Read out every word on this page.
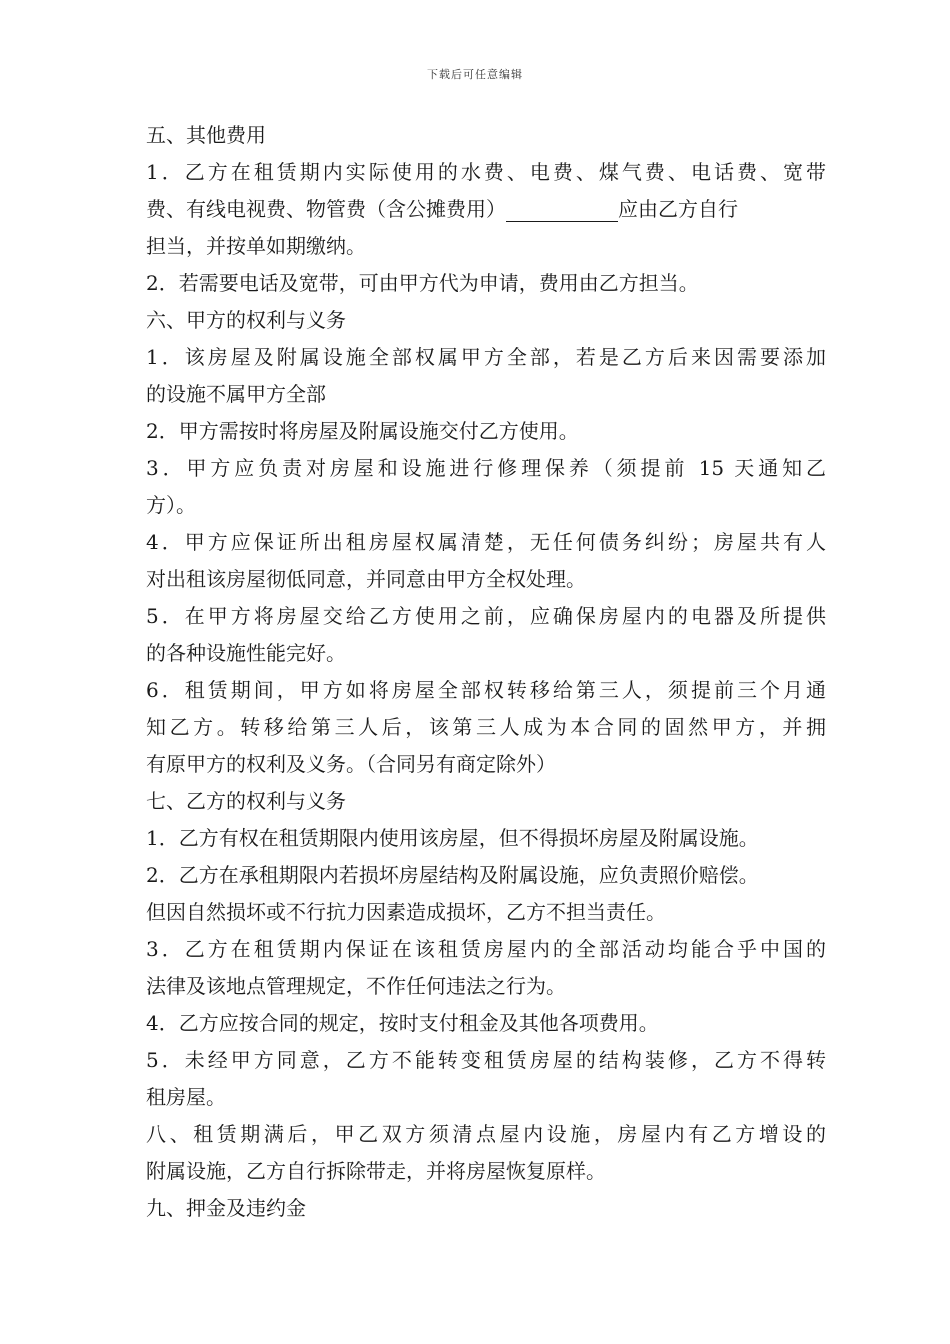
下载后可任意编辑
五、其他费用
1．乙方在租赁期内实际使用的水费、电费、煤气费、电话费、宽带
费、有线电视费、物管费（含公摊费用）	应由乙方自行
担当，并按单如期缴纳。
2．若需要电话及宽带，可由甲方代为申请，费用由乙方担当。
六、甲方的权利与义务
1．该房屋及附属设施全部权属甲方全部，若是乙方后来因需要添加
的设施不属甲方全部
2．甲方需按时将房屋及附属设施交付乙方使用。
3．甲方应负责对房屋和设施进行修理保养（须提前 15 天通知乙
方）。
4．甲方应保证所出租房屋权属清楚，无任何债务纠纷；房屋共有人
对出租该房屋彻低同意，并同意由甲方全权处理。
5．在甲方将房屋交给乙方使用之前，应确保房屋内的电器及所提供
的各种设施性能完好。
6．租赁期间，甲方如将房屋全部权转移给第三人，须提前三个月通
知乙方。转移给第三人后，该第三人成为本合同的固然甲方，并拥
有原甲方的权利及义务。（合同另有商定除外）
七、乙方的权利与义务
1．乙方有权在租赁期限内使用该房屋，但不得损坏房屋及附属设施。
2．乙方在承租期限内若损坏房屋结构及附属设施，应负责照价赔偿。
但因自然损坏或不行抗力因素造成损坏，乙方不担当责任。
3．乙方在租赁期内保证在该租赁房屋内的全部活动均能合乎中国的
法律及该地点管理规定，不作任何违法之行为。
4．乙方应按合同的规定，按时支付租金及其他各项费用。
5．未经甲方同意，乙方不能转变租赁房屋的结构装修，乙方不得转
租房屋。
八、租赁期满后，甲乙双方须清点屋内设施，房屋内有乙方增设的
附属设施，乙方自行拆除带走，并将房屋恢复原样。
九、押金及违约金
